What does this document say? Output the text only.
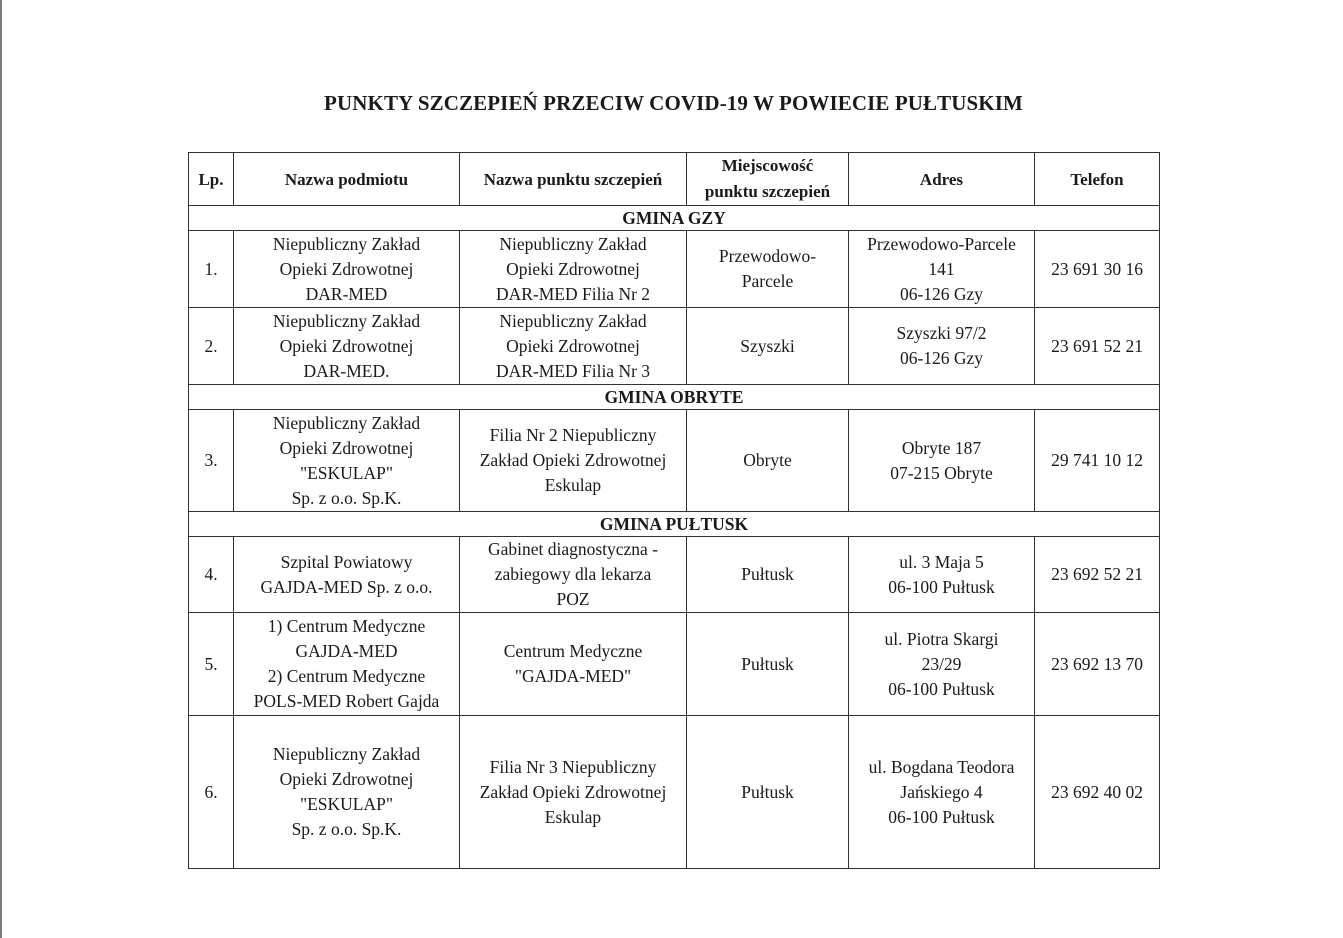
PUNKTY SZCZEPIEŃ PRZECIW COVID-19 W POWIECIE PUŁTUSKIM
Lp.	Nazwa podmiotu	Nazwa punktu szczepień	Miejscowość
punktu szczepień	Adres	Telefon
GMINA GZY					
1.	Niepubliczny Zakład
Opieki Zdrowotnej
DAR-MED	Niepubliczny Zakład
Opieki Zdrowotnej
DAR-MED Filia Nr 2	Przewodowo-
Parcele	Przewodowo-Parcele
141
06-126 Gzy	23 691 30 16
2.	Niepubliczny Zakład
Opieki Zdrowotnej
DAR-MED.	Niepubliczny Zakład
Opieki Zdrowotnej
DAR-MED Filia Nr 3	Szyszki	Szyszki 97/2
06-126 Gzy	23 691 52 21
GMINA OBRYTE					
3.	Niepubliczny Zakład
Opieki Zdrowotnej
"ESKULAP"
Sp. z o.o. Sp.K.	Filia Nr 2 Niepubliczny
Zakład Opieki Zdrowotnej
Eskulap	Obryte	Obryte 187
07-215 Obryte	29 741 10 12
GMINA PUŁTUSK					
4.	Szpital Powiatowy
GAJDA-MED Sp. z o.o.	Gabinet diagnostyczna -
zabiegowy dla lekarza
POZ	Pułtusk	ul. 3 Maja 5
06-100 Pułtusk	23 692 52 21
5.	1) Centrum Medyczne
GAJDA-MED
2) Centrum Medyczne
POLS-MED Robert Gajda	Centrum Medyczne
"GAJDA-MED"	Pułtusk	ul. Piotra Skargi
23/29
06-100 Pułtusk	23 692 13 70
6.	Niepubliczny Zakład
Opieki Zdrowotnej
"ESKULAP"
Sp. z o.o. Sp.K.	Filia Nr 3 Niepubliczny
Zakład Opieki Zdrowotnej
Eskulap	Pułtusk	ul. Bogdana Teodora
Jańskiego 4
06-100 Pułtusk	23 692 40 02
